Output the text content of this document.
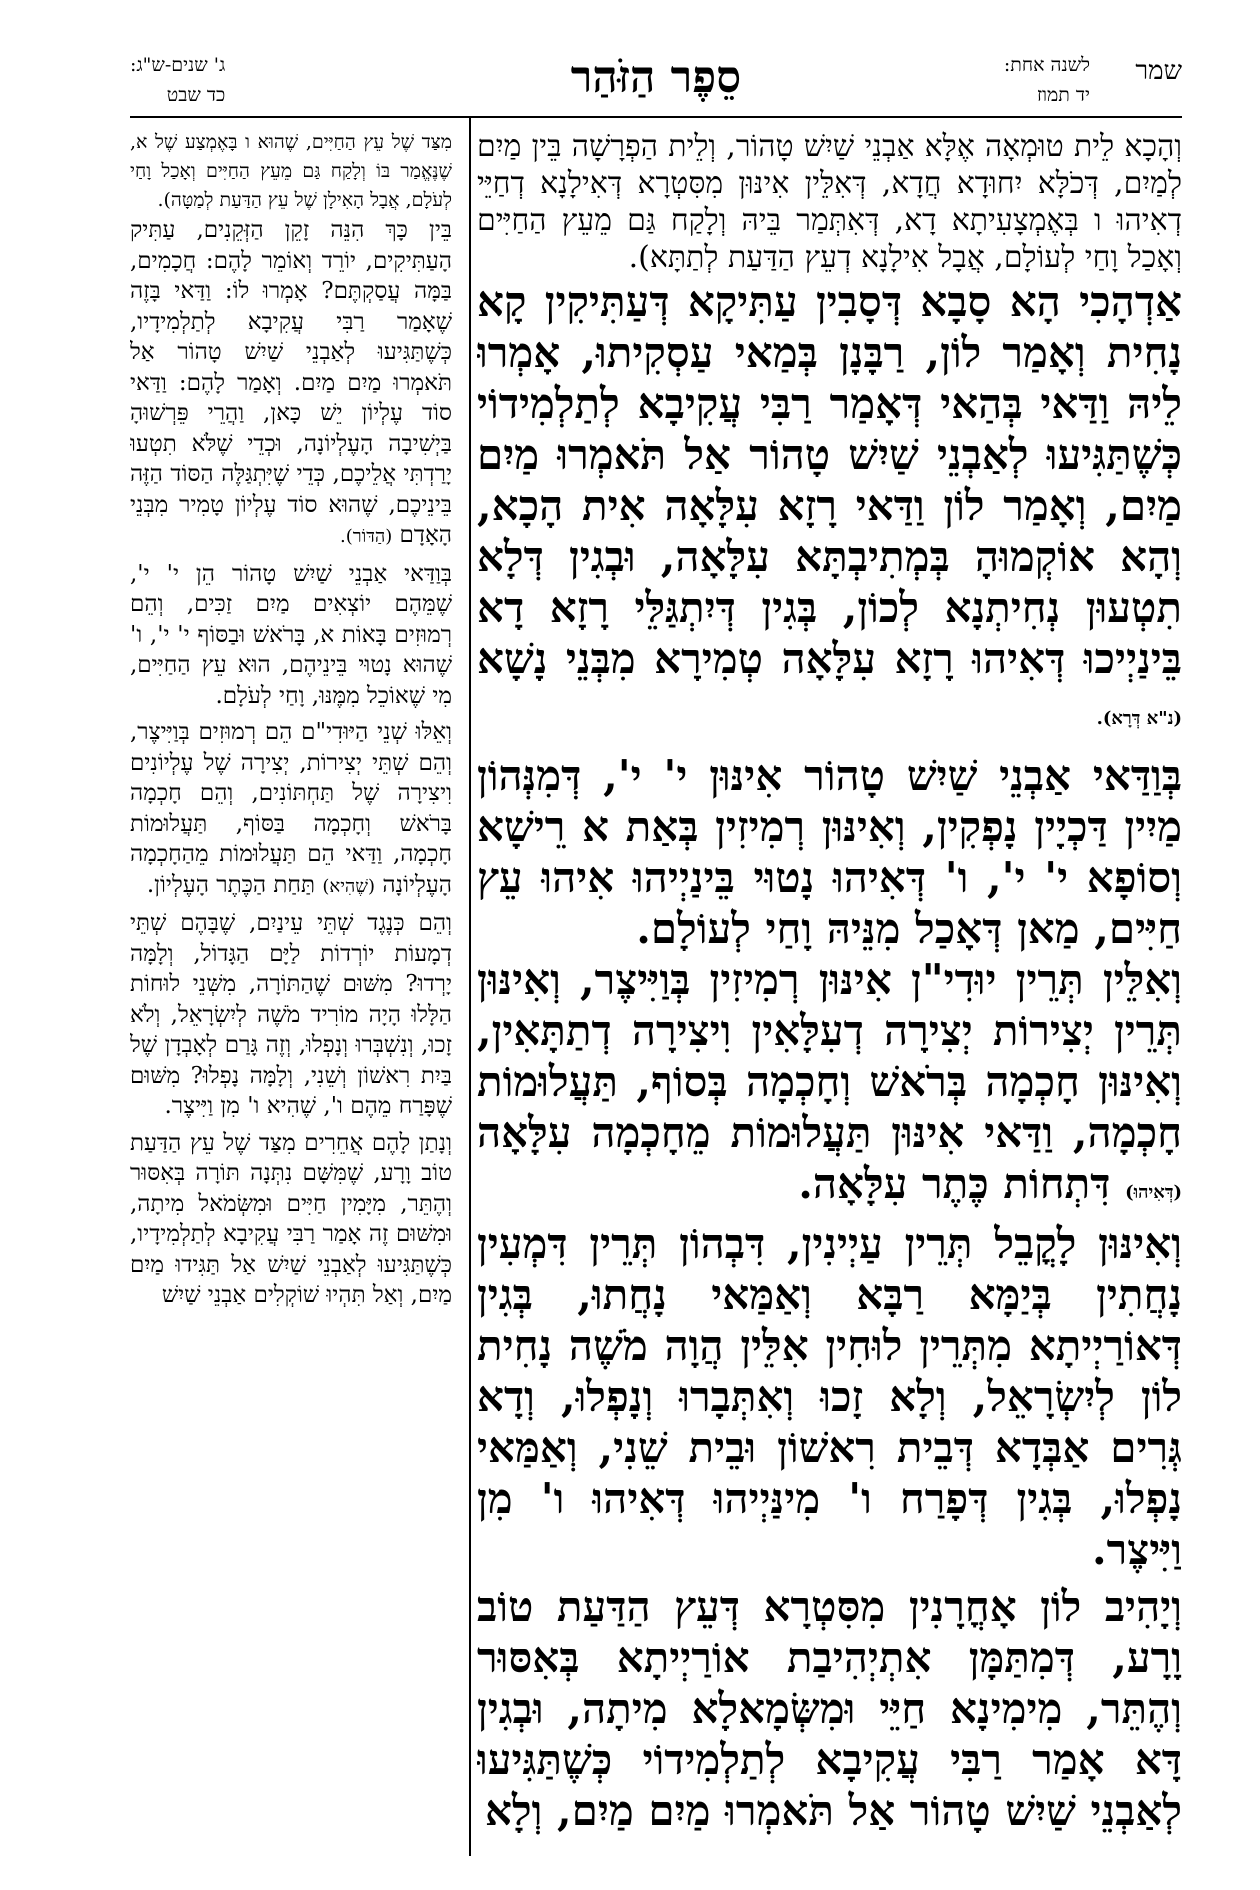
שמר
לשנה אחת:
יד תמוז
סֵפֶר הַזֹּהַר
ג' שנים-ש"ג:
כד שבט

וְהָכָא לֵית טוּמְאָה אֶלָּא אַבְנֵי שַׁיִשׁ טָהוֹר, וְלֵית הַפְרָשָׁה בֵּין מַיִם לְמַיִם, דְּכֹלָּא יִחוּדָא חֲדָא, דְּאִלֵּין אִינּוּן מִסִּטְרָא דְּאִילָנָא דְחַיֵּי דְאִיהוּ ו בְּאֶמְצָעִיתָא דָא, דְּאִתְּמַר בֵּיהּ וְלָקַח גַּם מֵעֵץ הַחַיִּים וְאָכַל וָחַי לְעוֹלָם, אֲבָל אִילָנָא דְעֵץ הַדַּעַת לְתַתָּא).

אַדְהָכִי הָא סָבָא דְּסָבִין עַתִּיקָא דְּעַתִּיקִין קָא נָחִית וְאָמַר לוֹן, רַבָּנָן בְּמַאי עַסְקִיתוּ, אָמְרוּ לֵיהּ וַדַּאי בְּהַאי דְּאָמַר רַבִּי עֲקִיבָא לְתַלְמִידוֹי כְּשֶׁתַּגִּיעוּ לְאַבְנֵי שַׁיִשׁ טָהוֹר אַל תֹּאמְרוּ מַיִם מַיִם, וְאָמַר לוֹן וַדַּאי רָזָא עִלָּאָה אִית הָכָא, וְהָא אוֹקְמוּהָ בְּמְתִיבְתָּא עִלָּאָה, וּבְגִין דְּלָא תִטְעוּן נְחִיתְנָא לְכוֹן, בְּגִין דְּיִתְגַּלֵּי רָזָא דָא בֵּינַיְיכוּ דְּאִיהוּ רָזָא עִלָּאָה טְמִירָא מִבְּנֵי נָשָׁא (נ"א דְּרָא).

בְּוַדַּאי אַבְנֵי שַׁיִשׁ טָהוֹר אִינּוּן י' י', דְּמִנְּהוֹן מַיִין דַּכְיָין נָפְקִין, וְאִינּוּן רְמִיזִין בְּאַת א רֵישָׁא וְסוֹפָא י' י', ו' דְּאִיהוּ נָטוּי בֵּינַיְיהוּ אִיהוּ עֵץ חַיִּים, מַאן דְּאָכַל מִנֵּיהּ וָחַי לְעוֹלָם.

וְאִלֵּין תְּרֵין יוּדִי"ן אִינּוּן רְמִיזִין בְּוַיִּיצֶר, וְאִינּוּן תְּרֵין יְצִירוֹת יְצִירָה דְעִלָּאִין וִיצִירָה דְתַתָּאִין, וְאִינּוּן חָכְמָה בְּרֹאשׁ וְחָכְמָה בְּסוֹף, תַּעֲלוּמוֹת חָכְמָה, וַדַּאי אִינּוּן תַּעֲלוּמוֹת מֵחָכְמָה עִלָּאָה (דְּאִיהוּ) דִּתְחוֹת כֶּתֶר עִלָּאָה.

וְאִינּוּן לָקֳבֵל תְּרֵין עַיְינִין, דִּבְהוֹן תְּרֵין דִּמְעִין נָחֲתִין בְּיַמָּא רַבָּא וְאַמַּאי נָחֲתוּ, בְּגִין דְּאוֹרַיְיתָא מִתְּרֵין לוּחִין אִלֵּין הֲוָה מֹשֶׁה נָחִית לוֹן לְיִשְׂרָאֵל, וְלָא זָכוּ וְאִתְּבָרוּ וְנָפְלוּ, וְדָא גְּרִים אַבְּדָא דְּבֵית רִאשׁוֹן וּבֵית שֵׁנִי, וְאַמַּאי נָפְלוּ, בְּגִין דְּפָרַח ו' מִינַּיְיהוּ דְּאִיהוּ ו' מִן וַיִּיצֶר.

וְיָהִיב לוֹן אָחֳרָנִין מִסִּטְרָא דְּעֵץ הַדַּעַת טוֹב וָרָע, דְּמִתַּמָּן אִתְיְהִיבַת אוֹרַיְיתָא בְּאִסּוּר וְהֶתֵּר, מִימִינָא חַיֵּי וּמִשְּׂמָאלָא מִיתָה, וּבְגִין דָּא אָמַר רַבִּי עֲקִיבָא לְתַלְמִידוֹי כְּשֶׁתַּגִּיעוּ לְאַבְנֵי שַׁיִשׁ טָהוֹר אַל תֹּאמְרוּ מַיִם מַיִם, וְלָא

מִצַּד שֶׁל עֵץ הַחַיִּים, שֶׁהוּא ו בָּאֶמְצַע שֶׁל א, שֶׁנֶּאֱמַר בּוֹ וְלָקַח גַּם מֵעֵץ הַחַיִּים וְאָכַל וָחַי לְעֹלָם, אֲבָל הָאִילָן שֶׁל עֵץ הַדַּעַת לְמַטָּה).

בֵּין כָּךְ הִנֵּה זָקֵן הַזְּקֵנִים, עַתִּיק הָעַתִּיקִים, יוֹרֵד וְאוֹמֵר לָהֶם: חֲכָמִים, בַּמָּה עֲסַקְתֶּם? אָמְרוּ לוֹ: וַדַּאי בָּזֶה שֶׁאָמַר רַבִּי עֲקִיבָא לְתַלְמִידָיו, כְּשֶׁתַּגִּיעוּ לְאַבְנֵי שַׁיִשׁ טָהוֹר אַל תֹּאמְרוּ מַיִם מַיִם. וְאָמַר לָהֶם: וַדַּאי סוֹד עֶלְיוֹן יֵשׁ כָּאן, וַהֲרֵי פֵּרְשׁוּהָ בַּיְשִׁיבָה הָעֶלְיוֹנָה, וּכְדֵי שֶׁלֹּא תִטְעוּ יָרַדְתִּי אֲלֵיכֶם, כְּדֵי שֶׁיִּתְגַּלֶּה הַסּוֹד הַזֶּה בֵּינֵיכֶם, שֶׁהוּא סוֹד עֶלְיוֹן טָמִיר מִבְּנֵי הָאָדָם (הַדּוֹר).

בְּוַדַּאי אַבְנֵי שַׁיִשׁ טָהוֹר הֵן י' י', שֶׁמֵּהֶם יוֹצְאִים מַיִם זַכִּים, וְהֵם רְמוּזִים בָּאוֹת א, בָּרֹאשׁ וּבַסּוֹף י' י', ו' שֶׁהוּא נָטוּי בֵּינֵיהֶם, הוּא עֵץ הַחַיִּים, מִי שֶׁאוֹכֵל מִמֶּנּוּ, וָחַי לְעֹלָם.

וְאֵלּוּ שְׁנֵי הַיּוּדִי"ם הֵם רְמוּזִים בְּוַיִּיצֶר, וְהֵם שְׁתֵּי יְצִירוֹת, יְצִירָה שֶׁל עֶלְיוֹנִים וִיצִירָה שֶׁל תַּחְתּוֹנִים, וְהֵם חָכְמָה בָּרֹאשׁ וְחָכְמָה בַּסּוֹף, תַּעֲלוּמוֹת חָכְמָה, וַדַּאי הֵם תַּעֲלוּמוֹת מֵהַחָכְמָה הָעֶלְיוֹנָה (שֶׁהִיא) תַּחַת הַכֶּתֶר הָעֶלְיוֹן.

וְהֵם כְּנֶגֶד שְׁתֵּי עֵינַיִם, שֶׁבָּהֶם שְׁתֵּי דְמָעוֹת יוֹרְדוֹת לַיָּם הַגָּדוֹל, וְלָמָּה יָרְדוּ? מִשּׁוּם שֶׁהַתּוֹרָה, מִשְּׁנֵי לוּחוֹת הַלָּלוּ הָיָה מוֹרִיד מֹשֶׁה לְיִשְׂרָאֵל, וְלֹא זָכוּ, וְנִשְׁבְּרוּ וְנָפְלוּ, וְזֶה גָּרַם לְאָבְדָן שֶׁל בַּיִת רִאשׁוֹן וְשֵׁנִי, וְלָמָּה נָפְלוּ? מִשּׁוּם שֶׁפָּרַח מֵהֶם ו', שֶׁהִיא ו' מִן וַיִּיצֶר.

וְנָתַן לָהֶם אֲחֵרִים מִצַּד שֶׁל עֵץ הַדַּעַת טוֹב וָרָע, שֶׁמִּשָּׁם נִתְּנָה תּוֹרָה בְּאִסּוּר וְהֶתֵּר, מִיָּמִין חַיִּים וּמִשְּׂמֹאל מִיתָה, וּמִשּׁוּם זֶה אָמַר רַבִּי עֲקִיבָא לְתַלְמִידָיו, כְּשֶׁתַּגִּיעוּ לְאַבְנֵי שַׁיִשׁ אַל תַּגִּידוּ מַיִם מַיִם, וְאַל תִּהְיוּ שׁוֹקְלִים אַבְנֵי שַׁיִשׁ
